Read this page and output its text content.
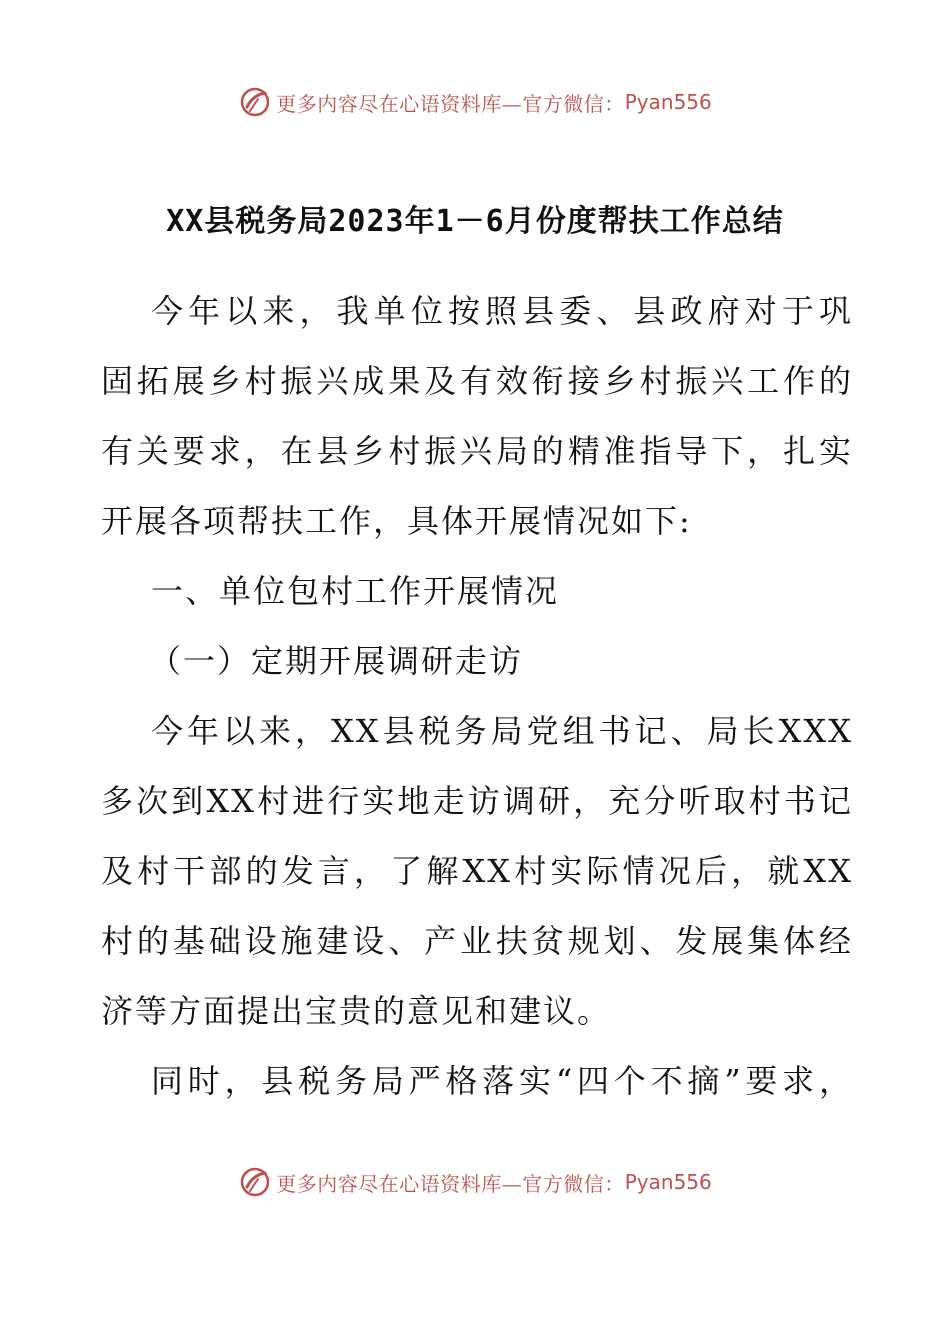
更多内容尽在心语资料库—官方微信： Pyan556
XX县税务局2023年1－6月份度帮扶工作总结
今年以来，我单位按照县委、县政府对于巩
固拓展乡村振兴成果及有效衔接乡村振兴工作的
有关要求，在县乡村振兴局的精准指导下，扎实
开展各项帮扶工作，具体开展情况如下:
一、单位包村工作开展情况
（一）定期开展调研走访
今年以来，XX县税务局党组书记、局长XXX
多次到XX村进行实地走访调研，充分听取村书记
及村干部的发言，了解XX村实际情况后，就XX
村的基础设施建设、产业扶贫规划、发展集体经
济等方面提出宝贵的意见和建议。
同时，县税务局严格落实“四个不摘”要求，
更多内容尽在心语资料库—官方微信： Pyan556
